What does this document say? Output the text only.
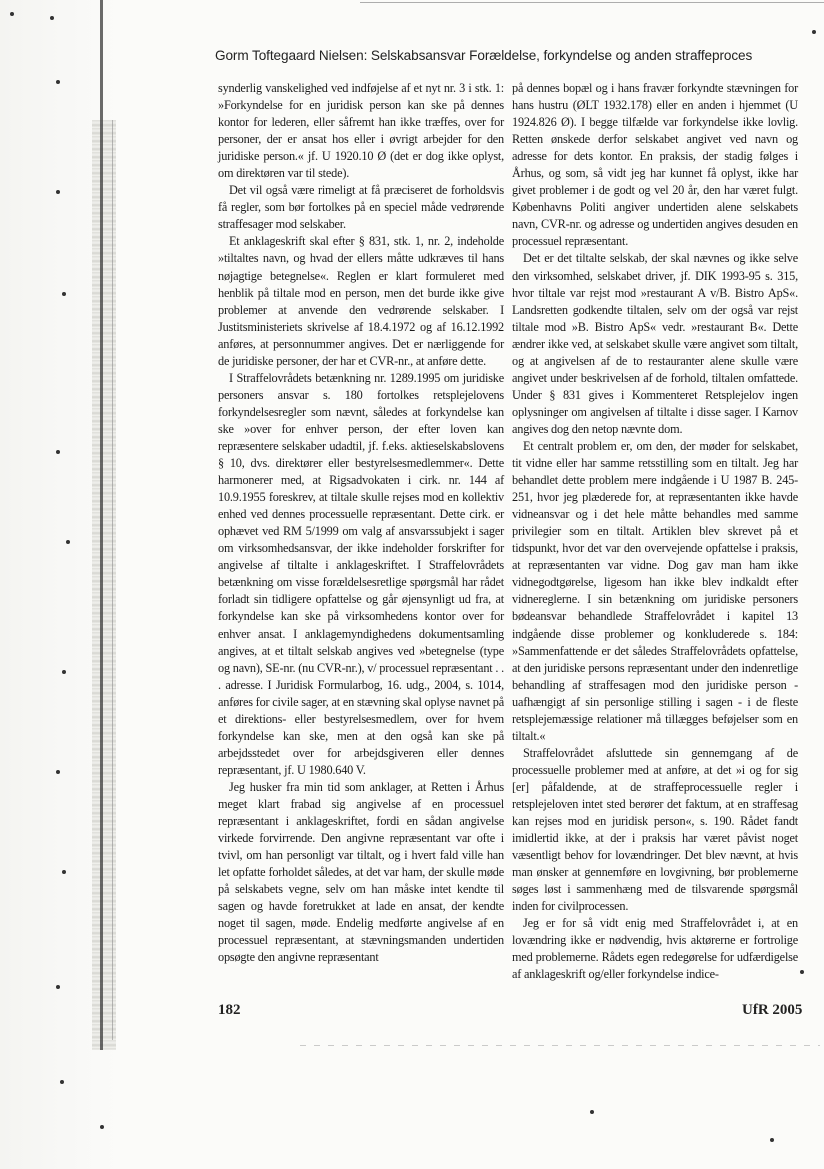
Gorm Toftegaard Nielsen: Selskabsansvar Forældelse, forkyndelse og anden straffeproces

synderlig vanskelighed ved indføjelse af et nyt nr. 3 i stk. 1: »Forkyndelse for en juridisk person kan ske på dennes kontor for lederen, eller såfremt han ikke træffes, over for personer, der er ansat hos eller i øvrigt arbejder for den juridiske person.« jf. U 1920.10 Ø (det er dog ikke oplyst, om direktøren var til stede).

Det vil også være rimeligt at få præciseret de forholdsvis få regler, som bør fortolkes på en speciel måde vedrørende straffesager mod selskaber.

Et anklageskrift skal efter § 831, stk. 1, nr. 2, indeholde »tiltaltes navn, og hvad der ellers måtte udkræves til hans nøjagtige betegnelse«. Reglen er klart formuleret med henblik på tiltale mod en person, men det burde ikke give problemer at anvende den vedrørende selskaber. I Justitsministeriets skrivelse af 18.4.1972 og af 16.12.1992 anføres, at personnummer angives. Det er nærliggende for de juridiske personer, der har et CVR-nr., at anføre dette.

I Straffelovrådets betænkning nr. 1289.1995 om juridiske personers ansvar s. 180 fortolkes retsplejelovens forkyndelsesregler som nævnt, således at forkyndelse kan ske »over for enhver person, der efter loven kan repræsentere selskaber udadtil, jf. f.eks. aktieselskabslovens § 10, dvs. direktører eller bestyrelsesmedlemmer«. Dette harmonerer med, at Rigsadvokaten i cirk. nr. 144 af 10.9.1955 foreskrev, at tiltale skulle rejses mod en kollektiv enhed ved dennes processuelle repræsentant. Dette cirk. er ophævet ved RM 5/1999 om valg af ansvarssubjekt i sager om virksomhedsansvar, der ikke indeholder forskrifter for angivelse af tiltalte i anklageskriftet. I Straffelovrådets betænkning om visse forældelsesretlige spørgsmål har rådet forladt sin tidligere opfattelse og går øjensynligt ud fra, at forkyndelse kan ske på virksomhedens kontor over for enhver ansat. I anklagemyndighedens dokumentsamling angives, at et tiltalt selskab angives ved »betegnelse (type og navn), SE-nr. (nu CVR-nr.), v/ processuel repræsentant . . . adresse. I Juridisk Formularbog, 16. udg., 2004, s. 1014, anføres for civile sager, at en stævning skal oplyse navnet på et direktions- eller bestyrelsesmedlem, over for hvem forkyndelse kan ske, men at den også kan ske på arbejdsstedet over for arbejdsgiveren eller dennes repræsentant, jf. U 1980.640 V.

Jeg husker fra min tid som anklager, at Retten i Århus meget klart frabad sig angivelse af en processuel repræsentant i anklageskriftet, fordi en sådan angivelse virkede forvirrende. Den angivne repræsentant var ofte i tvivl, om han personligt var tiltalt, og i hvert fald ville han let opfatte forholdet således, at det var ham, der skulle møde på selskabets vegne, selv om han måske intet kendte til sagen og havde foretrukket at lade en ansat, der kendte noget til sagen, møde. Endelig medførte angivelse af en processuel repræsentant, at stævningsmanden undertiden opsøgte den angivne repræsentant

på dennes bopæl og i hans fravær forkyndte stævningen for hans hustru (ØLT 1932.178) eller en anden i hjemmet (U 1924.826 Ø). I begge tilfælde var forkyndelse ikke lovlig. Retten ønskede derfor selskabet angivet ved navn og adresse for dets kontor. En praksis, der stadig følges i Århus, og som, så vidt jeg har kunnet få oplyst, ikke har givet problemer i de godt og vel 20 år, den har været fulgt. Københavns Politi angiver undertiden alene selskabets navn, CVR-nr. og adresse og undertiden angives desuden en processuel repræsentant.

Det er det tiltalte selskab, der skal nævnes og ikke selve den virksomhed, selskabet driver, jf. DIK 1993-95 s. 315, hvor tiltale var rejst mod »restaurant A v/B. Bistro ApS«. Landsretten godkendte tiltalen, selv om der også var rejst tiltale mod »B. Bistro ApS« vedr. »restaurant B«. Dette ændrer ikke ved, at selskabet skulle være angivet som tiltalt, og at angivelsen af de to restauranter alene skulle være angivet under beskrivelsen af de forhold, tiltalen omfattede. Under § 831 gives i Kommenteret Retsplejelov ingen oplysninger om angivelsen af tiltalte i disse sager. I Karnov angives dog den netop nævnte dom.

Et centralt problem er, om den, der møder for selskabet, tit vidne eller har samme retsstilling som en tiltalt. Jeg har behandlet dette problem mere indgående i U 1987 B. 245-251, hvor jeg plæderede for, at repræsentanten ikke havde vidneansvar og i det hele måtte behandles med samme privilegier som en tiltalt. Artiklen blev skrevet på et tidspunkt, hvor det var den overvejende opfattelse i praksis, at repræsentanten var vidne. Dog gav man ham ikke vidnegodtgørelse, ligesom han ikke blev indkaldt efter vidnereglerne. I sin betænkning om juridiske personers bødeansvar behandlede Straffelovrådet i kapitel 13 indgående disse problemer og konkluderede s. 184: »Sammenfattende er det således Straffelovrådets opfattelse, at den juridiske persons repræsentant under den indenretlige behandling af straffesagen mod den juridiske person - uafhængigt af sin personlige stilling i sagen - i de fleste retsplejemæssige relationer må tillægges beføjelser som en tiltalt.«

Straffelovrådet afsluttede sin gennemgang af de processuelle problemer med at anføre, at det »i og for sig [er] påfaldende, at de straffeprocessuelle regler i retsplejeloven intet sted berører det faktum, at en straffesag kan rejses mod en juridisk person«, s. 190. Rådet fandt imidlertid ikke, at der i praksis har været påvist noget væsentligt behov for lovændringer. Det blev nævnt, at hvis man ønsker at gennemføre en lovgivning, bør problemerne søges løst i sammenhæng med de tilsvarende spørgsmål inden for civilprocessen.

Jeg er for så vidt enig med Straffelovrådet i, at en lovændring ikke er nødvendig, hvis aktørerne er fortrolige med problemerne. Rådets egen redegørelse for udfærdigelse af anklageskrift og/eller forkyndelse indice-

182	UfR 2005
